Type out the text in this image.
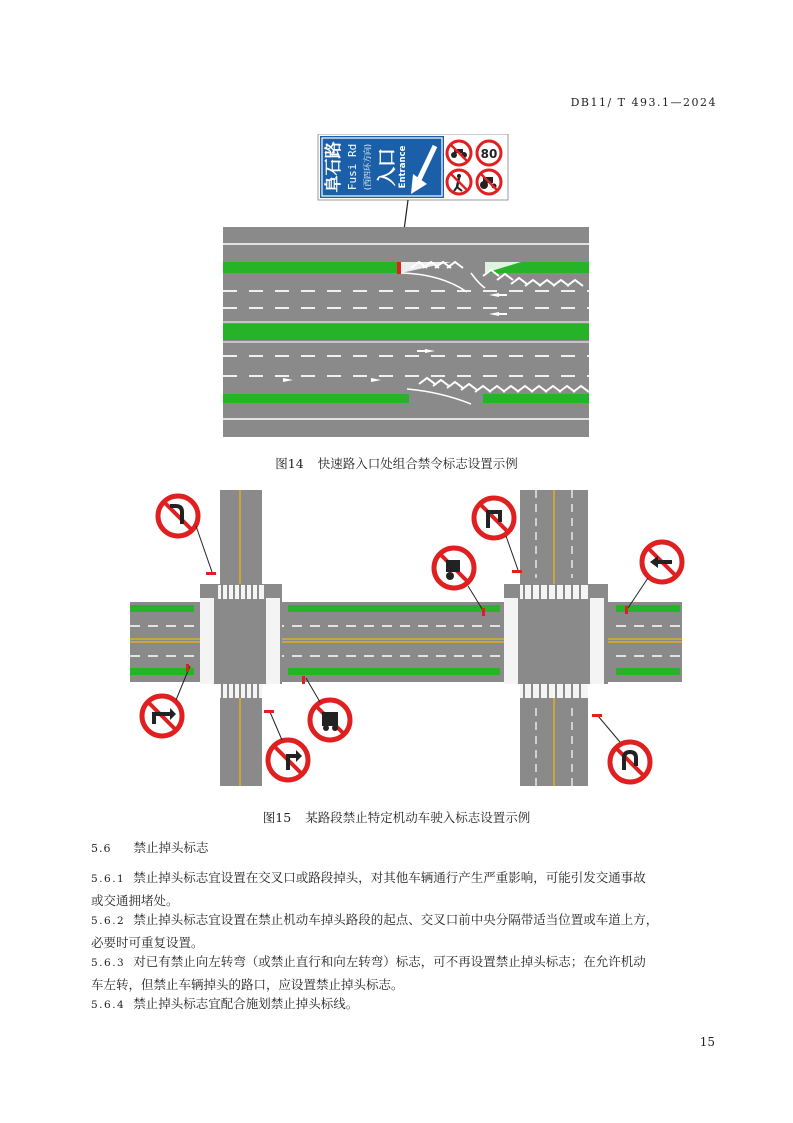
DB11/ T 493.1—2024
阜石路 Fusi Rd (西四环方向) 入口 Entrance	80
图14 快速路入口处组合禁令标志设置示例
图15 某路段禁止特定机动车驶入标志设置示例
5.6 禁止掉头标志
5.6.1 禁止掉头标志宜设置在交叉口或路段掉头，对其他车辆通行产生严重影响，可能引发交通事故
或交通拥堵处。
5.6.2 禁止掉头标志宜设置在禁止机动车掉头路段的起点、交叉口前中央分隔带适当位置或车道上方，
必要时可重复设置。
5.6.3 对已有禁止向左转弯（或禁止直行和向左转弯）标志，可不再设置禁止掉头标志；在允许机动
车左转，但禁止车辆掉头的路口，应设置禁止掉头标志。
5.6.4 禁止掉头标志宜配合施划禁止掉头标线。
15
